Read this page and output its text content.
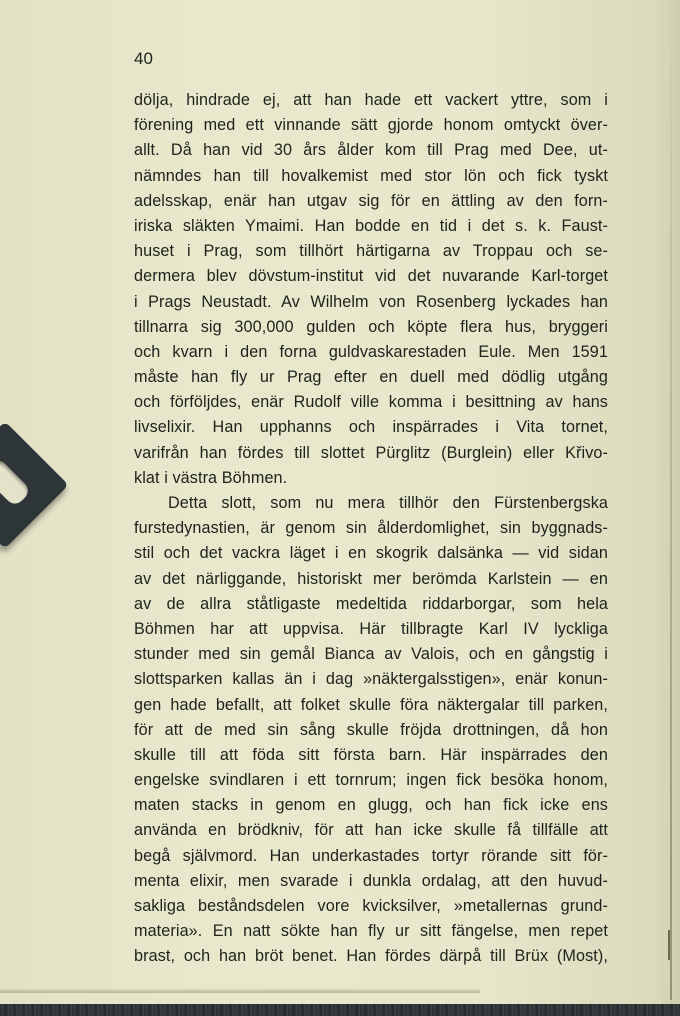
40
dölja, hindrade ej, att han hade ett vackert yttre, som i
förening med ett vinnande sätt gjorde honom omtyckt över-
allt. Då han vid 30 års ålder kom till Prag med Dee, ut-
nämndes han till hovalkemist med stor lön och fick tyskt
adelsskap, enär han utgav sig för en ättling av den forn-
iriska släkten Ymaimi. Han bodde en tid i det s. k. Faust-
huset i Prag, som tillhört härtigarna av Troppau och se-
dermera blev dövstum-institut vid det nuvarande Karl-torget
i Prags Neustadt. Av Wilhelm von Rosenberg lyckades han
tillnarra sig 300,000 gulden och köpte flera hus, bryggeri
och kvarn i den forna guldvaskarestaden Eule. Men 1591
måste han fly ur Prag efter en duell med dödlig utgång
och förföljdes, enär Rudolf ville komma i besittning av hans
livselixir. Han upphanns och inspärrades i Vita tornet,
varifrån han fördes till slottet Pürglitz (Burglein) eller Křivo-
klat i västra Böhmen.
Detta slott, som nu mera tillhör den Fürstenbergska
furstedynastien, är genom sin ålderdomlighet, sin byggnads-
stil och det vackra läget i en skogrik dalsänka — vid sidan
av det närliggande, historiskt mer berömda Karlstein — en
av de allra ståtligaste medeltida riddarborgar, som hela
Böhmen har att uppvisa. Här tillbragte Karl IV lyckliga
stunder med sin gemål Bianca av Valois, och en gångstig i
slottsparken kallas än i dag »näktergalsstigen», enär konun-
gen hade befallt, att folket skulle föra näktergalar till parken,
för att de med sin sång skulle fröjda drottningen, då hon
skulle till att föda sitt första barn. Här inspärrades den
engelske svindlaren i ett tornrum; ingen fick besöka honom,
maten stacks in genom en glugg, och han fick icke ens
använda en brödkniv, för att han icke skulle få tillfälle att
begå självmord. Han underkastades tortyr rörande sitt för-
menta elixir, men svarade i dunkla ordalag, att den huvud-
sakliga beståndsdelen vore kvicksilver, »metallernas grund-
materia». En natt sökte han fly ur sitt fängelse, men repet
brast, och han bröt benet. Han fördes därpå till Brüx (Most),
